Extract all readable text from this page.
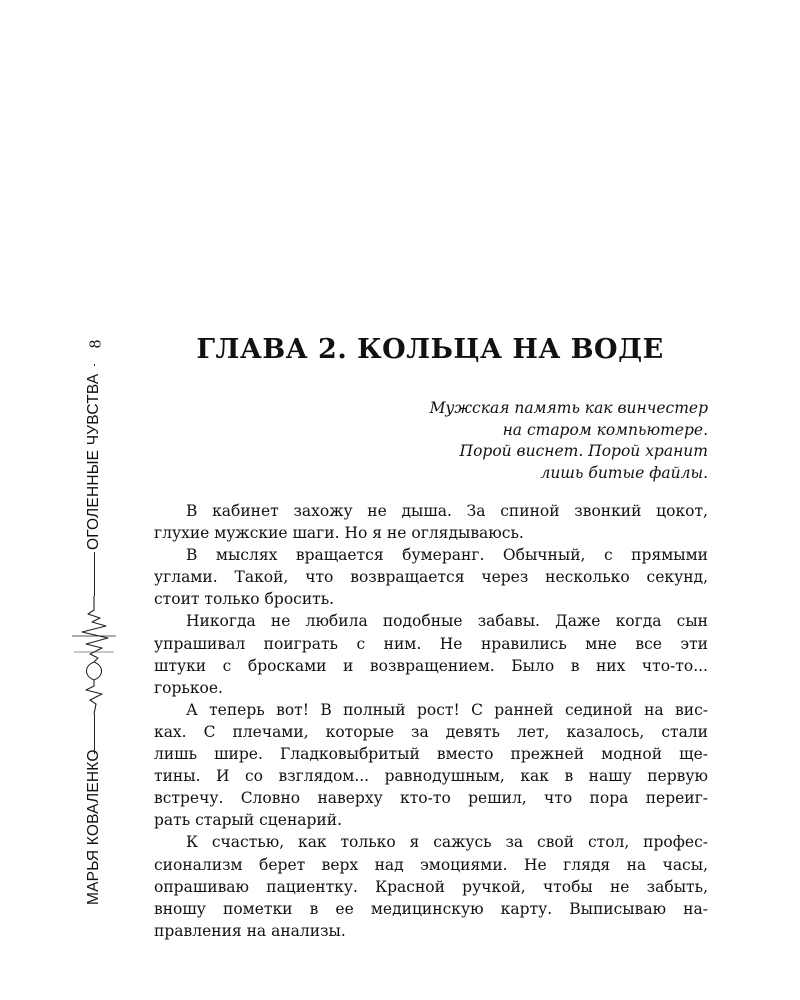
8
ОГОЛЕННЫЕ ЧУВСТВА
МАРЬЯ КОВАЛЕНКО
ГЛАВА 2. КОЛЬЦА НА ВОДЕ
Мужская память как винчестер
на старом компьютере.
Порой виснет. Порой хранит
лишь битые файлы.
В кабинет захожу не дыша. За спиной звонкий цокот,
глухие мужские шаги. Но я не оглядываюсь.
В мыслях вращается бумеранг. Обычный, с прямыми
углами. Такой, что возвращается через несколько секунд,
стоит только бросить.
Никогда не любила подобные забавы. Даже когда сын
упрашивал поиграть с ним. Не нравились мне все эти
штуки с бросками и возвращением. Было в них что-то...
горькое.
А теперь вот! В полный рост! С ранней сединой на вис-
ках. С плечами, которые за девять лет, казалось, стали
лишь шире. Гладковыбритый вместо прежней модной ще-
тины. И со взглядом... равнодушным, как в нашу первую
встречу. Словно наверху кто-то решил, что пора переиг-
рать старый сценарий.
К счастью, как только я сажусь за свой стол, профес-
сионализм берет верх над эмоциями. Не глядя на часы,
опрашиваю пациентку. Красной ручкой, чтобы не забыть,
вношу пометки в ее медицинскую карту. Выписываю на-
правления на анализы.
